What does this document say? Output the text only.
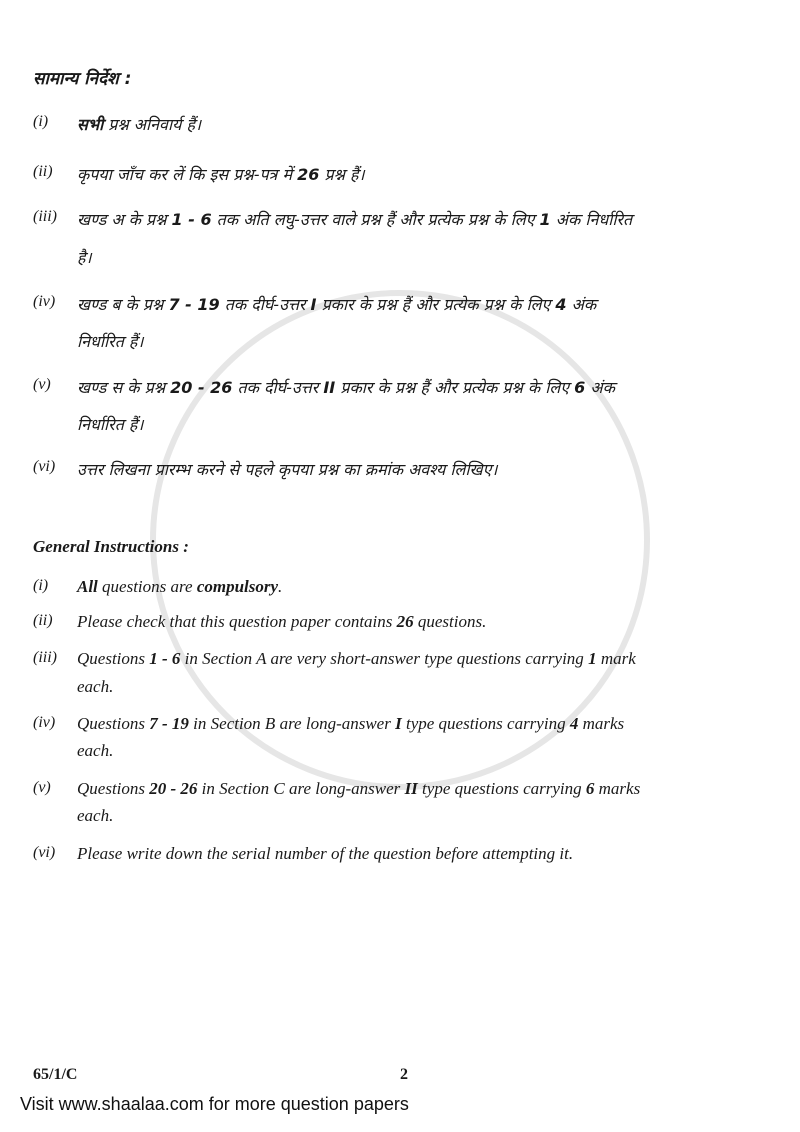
सामान्य निर्देश :
(i) सभी प्रश्न अनिवार्य हैं।
(ii) कृपया जाँच कर लें कि इस प्रश्न-पत्र में 26 प्रश्न हैं।
(iii) खण्ड अ के प्रश्न 1 - 6 तक अति लघु-उत्तर वाले प्रश्न हैं और प्रत्येक प्रश्न के लिए 1 अंक निर्धारित
है।
(iv) खण्ड ब के प्रश्न 7 - 19 तक दीर्घ-उत्तर I प्रकार के प्रश्न हैं और प्रत्येक प्रश्न के लिए 4 अंक
निर्धारित हैं।
(v) खण्ड स के प्रश्न 20 - 26 तक दीर्घ-उत्तर II प्रकार के प्रश्न हैं और प्रत्येक प्रश्न के लिए 6 अंक
निर्धारित हैं।
(vi) उत्तर लिखना प्रारम्भ करने से पहले कृपया प्रश्न का क्रमांक अवश्य लिखिए।
General Instructions :
(i) All questions are compulsory.
(ii) Please check that this question paper contains 26 questions.
(iii) Questions 1 - 6 in Section A are very short-answer type questions carrying 1 mark
each.
(iv) Questions 7 - 19 in Section B are long-answer I type questions carrying 4 marks
each.
(v) Questions 20 - 26 in Section C are long-answer II type questions carrying 6 marks
each.
(vi) Please write down the serial number of the question before attempting it.
65/1/C	2
Visit www.shaalaa.com for more question papers
